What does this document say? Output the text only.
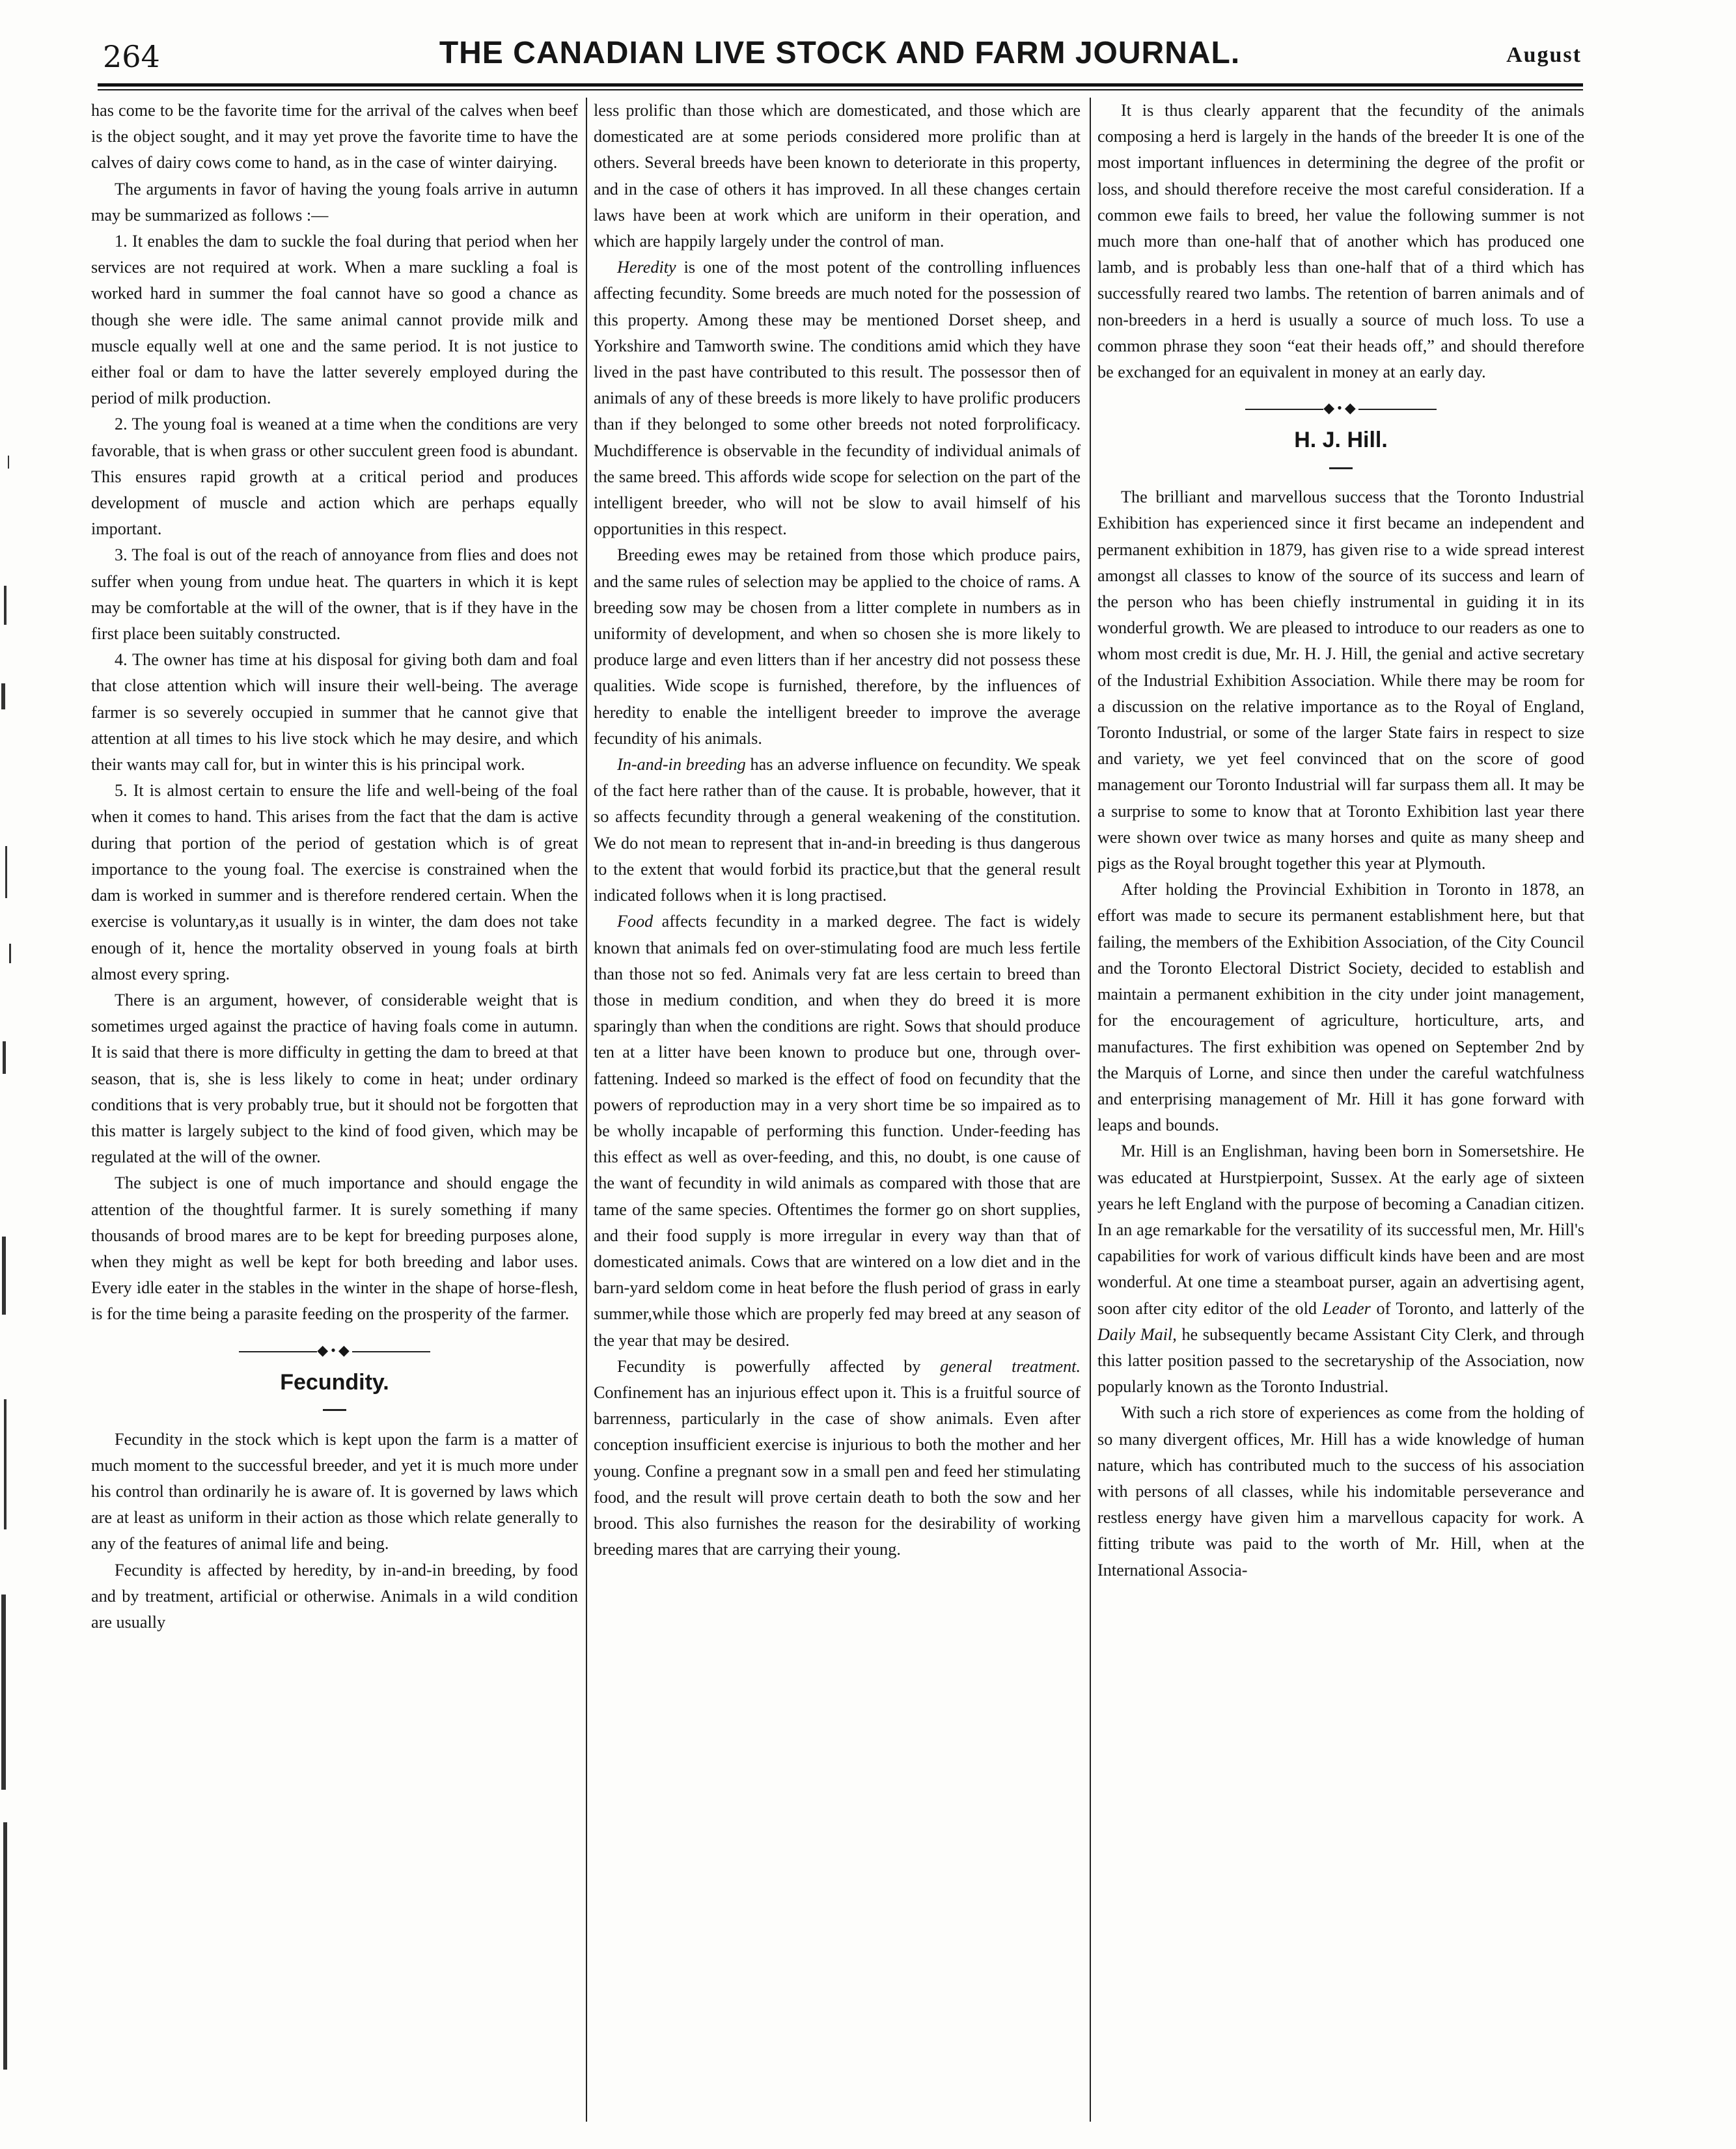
264	THE CANADIAN LIVE STOCK AND FARM JOURNAL.	August

has come to be the favorite time for the arrival of the calves when beef is the object sought, and it may yet prove the favorite time to have the calves of dairy cows come to hand, as in the case of winter dairying.

The arguments in favor of having the young foals arrive in autumn may be summarized as follows :—

1. It enables the dam to suckle the foal during that period when her services are not required at work. When a mare suckling a foal is worked hard in summer the foal cannot have so good a chance as though she were idle. The same animal cannot provide milk and muscle equally well at one and the same period. It is not justice to either foal or dam to have the latter severely employed during the period of milk production.

2. The young foal is weaned at a time when the conditions are very favorable, that is when grass or other succulent green food is abundant. This ensures rapid growth at a critical period and produces development of muscle and action which are perhaps equally important.

3. The foal is out of the reach of annoyance from flies and does not suffer when young from undue heat. The quarters in which it is kept may be comfortable at the will of the owner, that is if they have in the first place been suitably constructed.

4. The owner has time at his disposal for giving both dam and foal that close attention which will insure their well-being. The average farmer is so severely occupied in summer that he cannot give that attention at all times to his live stock which he may desire, and which their wants may call for, but in winter this is his principal work.

5. It is almost certain to ensure the life and well-being of the foal when it comes to hand. This arises from the fact that the dam is active during that portion of the period of gestation which is of great importance to the young foal. The exercise is constrained when the dam is worked in summer and is therefore rendered certain. When the exercise is voluntary,as it usually is in winter, the dam does not take enough of it, hence the mortality observed in young foals at birth almost every spring.

There is an argument, however, of considerable weight that is sometimes urged against the practice of having foals come in autumn. It is said that there is more difficulty in getting the dam to breed at that season, that is, she is less likely to come in heat; under ordinary conditions that is very probably true, but it should not be forgotten that this matter is largely subject to the kind of food given, which may be regulated at the will of the owner.

The subject is one of much importance and should engage the attention of the thoughtful farmer. It is surely something if many thousands of brood mares are to be kept for breeding purposes alone, when they might as well be kept for both breeding and labor uses. Every idle eater in the stables in the winter in the shape of horse-flesh, is for the time being a parasite feeding on the prosperity of the farmer.

◆•◆
Fecundity.

Fecundity in the stock which is kept upon the farm is a matter of much moment to the successful breeder, and yet it is much more under his control than ordinarily he is aware of. It is governed by laws which are at least as uniform in their action as those which relate generally to any of the features of animal life and being.

Fecundity is affected by heredity, by in-and-in breeding, by food and by treatment, artificial or otherwise. Animals in a wild condition are usually

less prolific than those which are domesticated, and those which are domesticated are at some periods considered more prolific than at others. Several breeds have been known to deteriorate in this property, and in the case of others it has improved. In all these changes certain laws have been at work which are uniform in their operation, and which are happily largely under the control of man.

Heredity is one of the most potent of the controlling influences affecting fecundity. Some breeds are much noted for the possession of this property. Among these may be mentioned Dorset sheep, and Yorkshire and Tamworth swine. The conditions amid which they have lived in the past have contributed to this result. The possessor then of animals of any of these breeds is more likely to have prolific producers than if they belonged to some other breeds not noted forprolificacy. Muchdifference is observable in the fecundity of individual animals of the same breed. This affords wide scope for selection on the part of the intelligent breeder, who will not be slow to avail himself of his opportunities in this respect.

Breeding ewes may be retained from those which produce pairs, and the same rules of selection may be applied to the choice of rams. A breeding sow may be chosen from a litter complete in numbers as in uniformity of development, and when so chosen she is more likely to produce large and even litters than if her ancestry did not possess these qualities. Wide scope is furnished, therefore, by the influences of heredity to enable the intelligent breeder to improve the average fecundity of his animals.

In-and-in breeding has an adverse influence on fecundity. We speak of the fact here rather than of the cause. It is probable, however, that it so affects fecundity through a general weakening of the constitution. We do not mean to represent that in-and-in breeding is thus dangerous to the extent that would forbid its practice,but that the general result indicated follows when it is long practised.

Food affects fecundity in a marked degree. The fact is widely known that animals fed on over-stimulating food are much less fertile than those not so fed. Animals very fat are less certain to breed than those in medium condition, and when they do breed it is more sparingly than when the conditions are right. Sows that should produce ten at a litter have been known to produce but one, through over-fattening. Indeed so marked is the effect of food on fecundity that the powers of reproduction may in a very short time be so impaired as to be wholly incapable of performing this function. Under-feeding has this effect as well as over-feeding, and this, no doubt, is one cause of the want of fecundity in wild animals as compared with those that are tame of the same species. Oftentimes the former go on short supplies, and their food supply is more irregular in every way than that of domesticated animals. Cows that are wintered on a low diet and in the barn-yard seldom come in heat before the flush period of grass in early summer,while those which are properly fed may breed at any season of the year that may be desired.

Fecundity is powerfully affected by general treatment. Confinement has an injurious effect upon it. This is a fruitful source of barrenness, particularly in the case of show animals. Even after conception insufficient exercise is injurious to both the mother and her young. Confine a pregnant sow in a small pen and feed her stimulating food, and the result will prove certain death to both the sow and her brood. This also furnishes the reason for the desirability of working breeding mares that are carrying their young.

It is thus clearly apparent that the fecundity of the animals composing a herd is largely in the hands of the breeder It is one of the most important influences in determining the degree of the profit or loss, and should therefore receive the most careful consideration. If a common ewe fails to breed, her value the following summer is not much more than one-half that of another which has produced one lamb, and is probably less than one-half that of a third which has successfully reared two lambs. The retention of barren animals and of non-breeders in a herd is usually a source of much loss. To use a common phrase they soon “eat their heads off,” and should therefore be exchanged for an equivalent in money at an early day.

◆•◆
H. J. Hill.

The brilliant and marvellous success that the Toronto Industrial Exhibition has experienced since it first became an independent and permanent exhibition in 1879, has given rise to a wide spread interest amongst all classes to know of the source of its success and learn of the person who has been chiefly instrumental in guiding it in its wonderful growth. We are pleased to introduce to our readers as one to whom most credit is due, Mr. H. J. Hill, the genial and active secretary of the Industrial Exhibition Association. While there may be room for a discussion on the relative importance as to the Royal of England, Toronto Industrial, or some of the larger State fairs in respect to size and variety, we yet feel convinced that on the score of good management our Toronto Industrial will far surpass them all. It may be a surprise to some to know that at Toronto Exhibition last year there were shown over twice as many horses and quite as many sheep and pigs as the Royal brought together this year at Plymouth.

After holding the Provincial Exhibition in Toronto in 1878, an effort was made to secure its permanent establishment here, but that failing, the members of the Exhibition Association, of the City Council and the Toronto Electoral District Society, decided to establish and maintain a permanent exhibition in the city under joint management, for the encouragement of agriculture, horticulture, arts, and manufactures. The first exhibition was opened on September 2nd by the Marquis of Lorne, and since then under the careful watchfulness and enterprising management of Mr. Hill it has gone forward with leaps and bounds.

Mr. Hill is an Englishman, having been born in Somersetshire. He was educated at Hurstpierpoint, Sussex. At the early age of sixteen years he left England with the purpose of becoming a Canadian citizen. In an age remarkable for the versatility of its successful men, Mr. Hill's capabilities for work of various difficult kinds have been and are most wonderful. At one time a steamboat purser, again an advertising agent, soon after city editor of the old Leader of Toronto, and latterly of the Daily Mail, he subsequently became Assistant City Clerk, and through this latter position passed to the secretaryship of the Association, now popularly known as the Toronto Industrial.

With such a rich store of experiences as come from the holding of so many divergent offices, Mr. Hill has a wide knowledge of human nature, which has contributed much to the success of his association with persons of all classes, while his indomitable perseverance and restless energy have given him a marvellous capacity for work. A fitting tribute was paid to the worth of Mr. Hill, when at the International Associa-
